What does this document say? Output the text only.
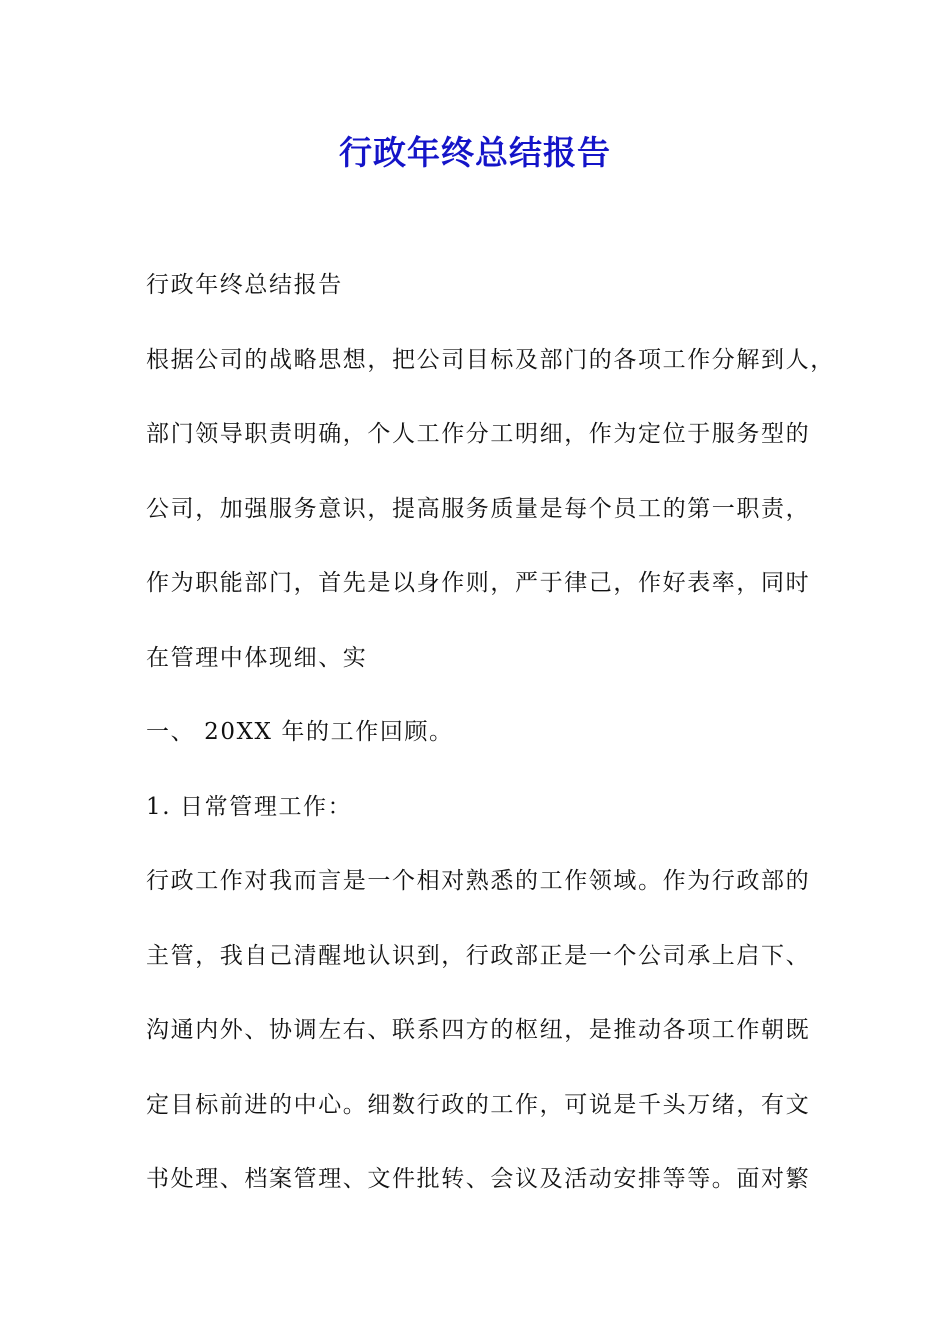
行政年终总结报告
行政年终总结报告
根据公司的战略思想，把公司目标及部门的各项工作分解到人，
部门领导职责明确，个人工作分工明细，作为定位于服务型的
公司，加强服务意识，提高服务质量是每个员工的第一职责，
作为职能部门，首先是以身作则，严于律己，作好表率，同时
在管理中体现细、实
一、 20XX 年的工作回顾。
1. 日常管理工作：
行政工作对我而言是一个相对熟悉的工作领域。作为行政部的
主管，我自己清醒地认识到，行政部正是一个公司承上启下、
沟通内外、协调左右、联系四方的枢纽，是推动各项工作朝既
定目标前进的中心。细数行政的工作，可说是千头万绪，有文
书处理、档案管理、文件批转、会议及活动安排等等。面对繁
